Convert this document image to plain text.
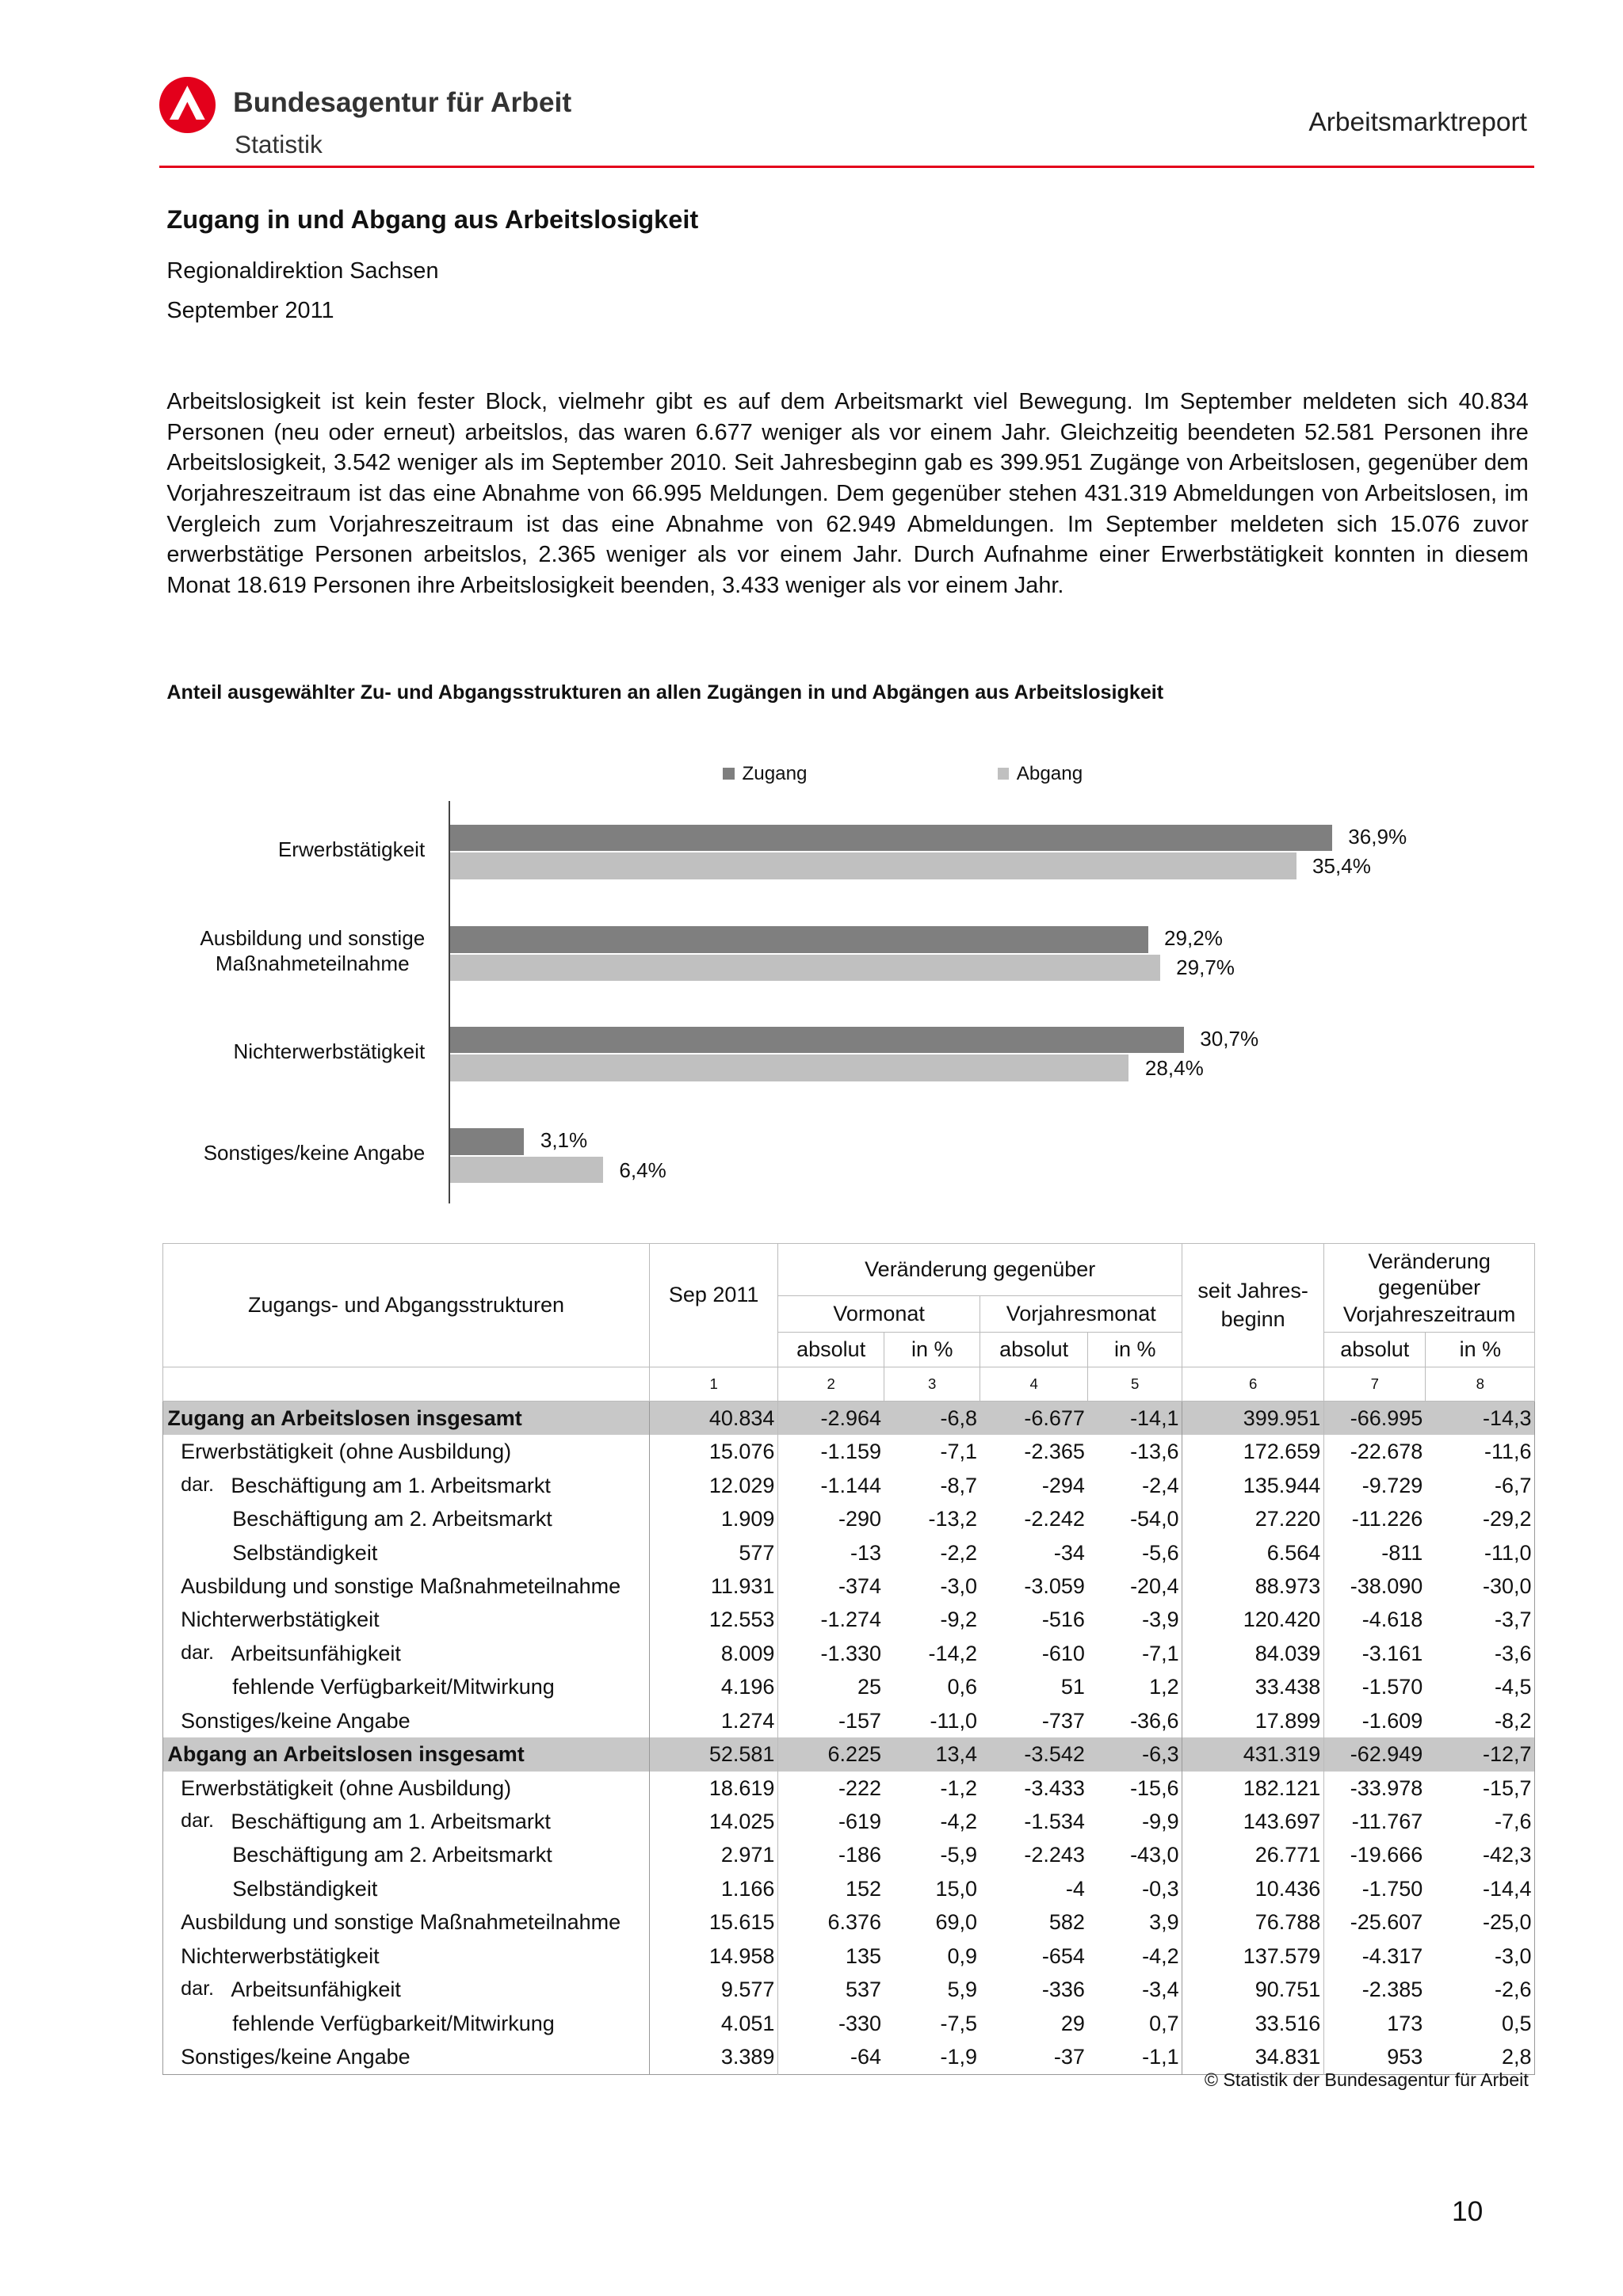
Bundesagentur für Arbeit
Statistik
Arbeitsmarktreport
Zugang in und Abgang aus Arbeitslosigkeit
Regionaldirektion Sachsen
September 2011
Arbeitslosigkeit ist kein fester Block, vielmehr gibt es auf dem Arbeitsmarkt viel Bewegung. Im September meldeten sich 40.834 Personen (neu oder erneut) arbeitslos, das waren 6.677 weniger als vor einem Jahr. Gleichzeitig beendeten 52.581 Personen ihre Arbeitslosigkeit, 3.542 weniger als im September 2010. Seit Jahresbeginn gab es 399.951 Zugänge von Arbeitslosen, gegenüber dem Vorjahreszeitraum ist das eine Abnahme von 66.995 Meldungen. Dem gegenüber stehen 431.319 Abmeldungen von Arbeitslosen, im Vergleich zum Vorjahreszeitraum ist das eine Abnahme von 62.949 Abmeldungen. Im September meldeten sich 15.076 zuvor erwerbstätige Personen arbeitslos, 2.365 weniger als vor einem Jahr. Durch Aufnahme einer Erwerbstätigkeit konnten in diesem Monat 18.619 Personen ihre Arbeitslosigkeit beenden, 3.433 weniger als vor einem Jahr.
Anteil ausgewählter Zu- und Abgangsstrukturen an allen Zugängen in und Abgängen aus Arbeitslosigkeit
Zugang	Abgang
Erwerbstätigkeit
36,9%
35,4%
Ausbildung und sonstige
Maßnahmeteilnahme
29,2%
29,7%
Nichterwerbstätigkeit
30,7%
28,4%
Sonstiges/keine Angabe
3,1%
6,4%
Zugangs- und Abgangsstrukturen	Sep 2011	Veränderung gegenüber				seit Jahres- beginn	Veränderung gegenüber Vorjahreszeitraum	
		Vormonat		Vorjahresmonat				
		absolut	in %	absolut	in %		absolut	in %
	1	2	3	4	5	6	7	8
Zugang an Arbeitslosen insgesamt	40.834	-2.964	-6,8	-6.677	-14,1	399.951	-66.995	-14,3
Erwerbstätigkeit (ohne Ausbildung)	15.076	-1.159	-7,1	-2.365	-13,6	172.659	-22.678	-11,6
dar. Beschäftigung am 1. Arbeitsmarkt	12.029	-1.144	-8,7	-294	-2,4	135.944	-9.729	-6,7
Beschäftigung am 2. Arbeitsmarkt	1.909	-290	-13,2	-2.242	-54,0	27.220	-11.226	-29,2
Selbständigkeit	577	-13	-2,2	-34	-5,6	6.564	-811	-11,0
Ausbildung und sonstige Maßnahmeteilnahme	11.931	-374	-3,0	-3.059	-20,4	88.973	-38.090	-30,0
Nichterwerbstätigkeit	12.553	-1.274	-9,2	-516	-3,9	120.420	-4.618	-3,7
dar. Arbeitsunfähigkeit	8.009	-1.330	-14,2	-610	-7,1	84.039	-3.161	-3,6
fehlende Verfügbarkeit/Mitwirkung	4.196	25	0,6	51	1,2	33.438	-1.570	-4,5
Sonstiges/keine Angabe	1.274	-157	-11,0	-737	-36,6	17.899	-1.609	-8,2
Abgang an Arbeitslosen insgesamt	52.581	6.225	13,4	-3.542	-6,3	431.319	-62.949	-12,7
Erwerbstätigkeit (ohne Ausbildung)	18.619	-222	-1,2	-3.433	-15,6	182.121	-33.978	-15,7
dar. Beschäftigung am 1. Arbeitsmarkt	14.025	-619	-4,2	-1.534	-9,9	143.697	-11.767	-7,6
Beschäftigung am 2. Arbeitsmarkt	2.971	-186	-5,9	-2.243	-43,0	26.771	-19.666	-42,3
Selbständigkeit	1.166	152	15,0	-4	-0,3	10.436	-1.750	-14,4
Ausbildung und sonstige Maßnahmeteilnahme	15.615	6.376	69,0	582	3,9	76.788	-25.607	-25,0
Nichterwerbstätigkeit	14.958	135	0,9	-654	-4,2	137.579	-4.317	-3,0
dar. Arbeitsunfähigkeit	9.577	537	5,9	-336	-3,4	90.751	-2.385	-2,6
fehlende Verfügbarkeit/Mitwirkung	4.051	-330	-7,5	29	0,7	33.516	173	0,5
Sonstiges/keine Angabe	3.389	-64	-1,9	-37	-1,1	34.831	953	2,8
© Statistik der Bundesagentur für Arbeit
10
